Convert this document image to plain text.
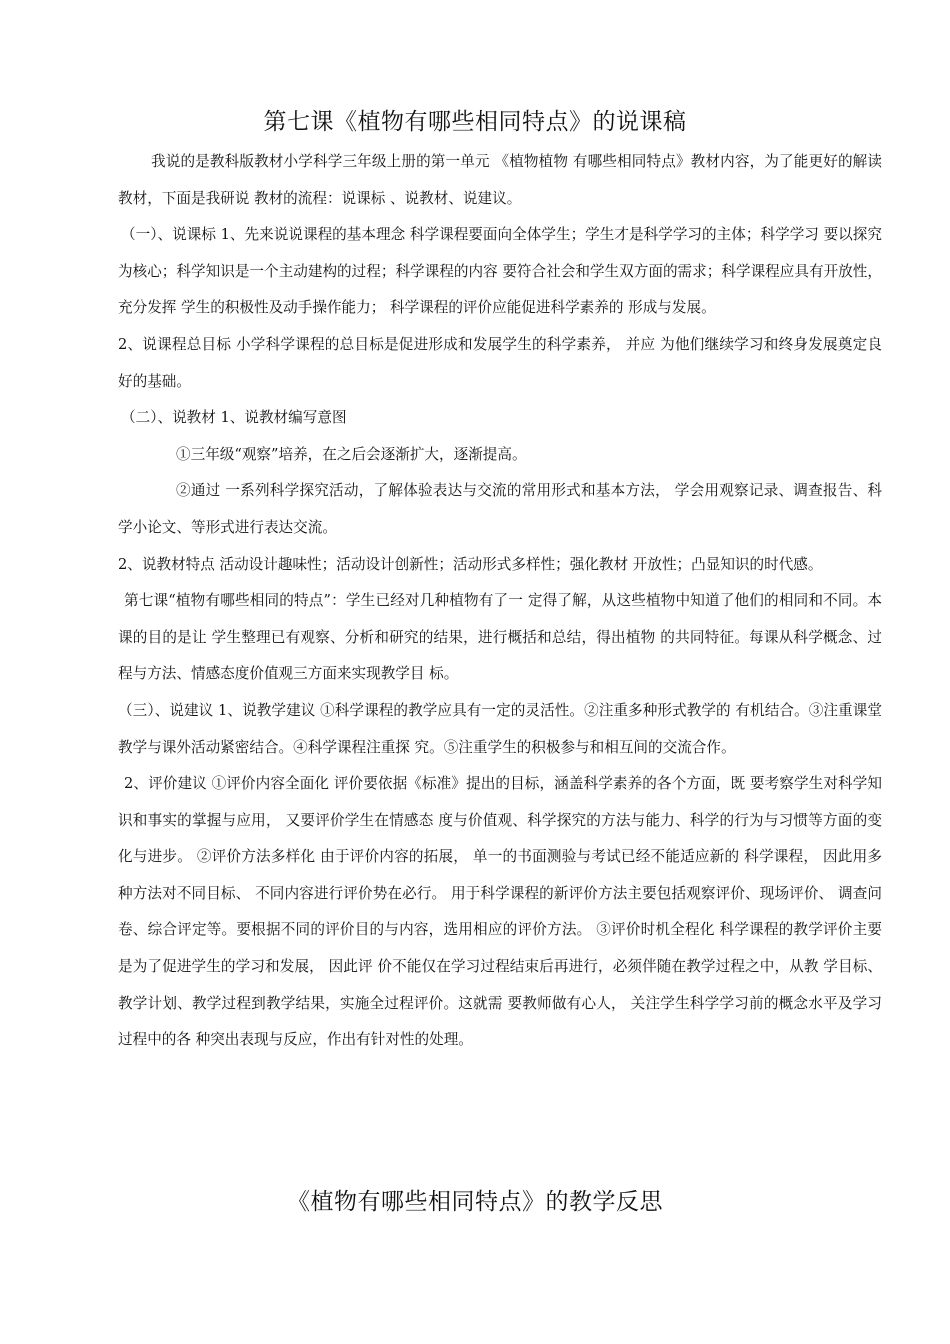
第七课《植物有哪些相同特点》的说课稿

我说的是教科版教材小学科学三年级上册的第一单元 《植物植物 有哪些相同特点》教材内容，为了能更好的解读教材，下面是我研说 教材的流程：说课标 、说教材、说建议。

（一）、说课标 1、先来说说课程的基本理念 科学课程要面向全体学生；学生才是科学学习的主体；科学学习 要以探究为核心；科学知识是一个主动建构的过程；科学课程的内容 要符合社会和学生双方面的需求；科学课程应具有开放性，充分发挥 学生的积极性及动手操作能力； 科学课程的评价应能促进科学素养的 形成与发展。

2、说课程总目标 小学科学课程的总目标是促进形成和发展学生的科学素养， 并应 为他们继续学习和终身发展奠定良好的基础。

（二）、说教材 1、说教材编写意图

①三年级“观察”培养，在之后会逐渐扩大，逐渐提高。

②通过 一系列科学探究活动，了解体验表达与交流的常用形式和基本方法， 学会用观察记录、调查报告、科学小论文、等形式进行表达交流。

2、说教材特点 活动设计趣味性；活动设计创新性；活动形式多样性；强化教材 开放性；凸显知识的时代感。

第七课“植物有哪些相同的特点”：学生已经对几种植物有了一 定得了解，从这些植物中知道了他们的相同和不同。本课的目的是让 学生整理已有观察、分析和研究的结果，进行概括和总结，得出植物 的共同特征。每课从科学概念、过程与方法、情感态度价值观三方面来实现教学目 标。

（三）、说建议 1、说教学建议 ①科学课程的教学应具有一定的灵活性。②注重多种形式教学的 有机结合。③注重课堂教学与课外活动紧密结合。④科学课程注重探 究。⑤注重学生的积极参与和相互间的交流合作。

2、评价建议 ①评价内容全面化 评价要依据《标准》提出的目标，涵盖科学素养的各个方面，既 要考察学生对科学知识和事实的掌握与应用， 又要评价学生在情感态 度与价值观、科学探究的方法与能力、科学的行为与习惯等方面的变 化与进步。 ②评价方法多样化 由于评价内容的拓展， 单一的书面测验与考试已经不能适应新的 科学课程， 因此用多种方法对不同目标、 不同内容进行评价势在必行。 用于科学课程的新评价方法主要包括观察评价、现场评价、 调查问卷、综合评定等。要根据不同的评价目的与内容，选用相应的评价方法。 ③评价时机全程化 科学课程的教学评价主要是为了促进学生的学习和发展， 因此评 价不能仅在学习过程结束后再进行，必须伴随在教学过程之中，从教 学目标、教学计划、教学过程到教学结果，实施全过程评价。这就需 要教师做有心人， 关注学生科学学习前的概念水平及学习过程中的各 种突出表现与反应，作出有针对性的处理。

《植物有哪些相同特点》的教学反思
